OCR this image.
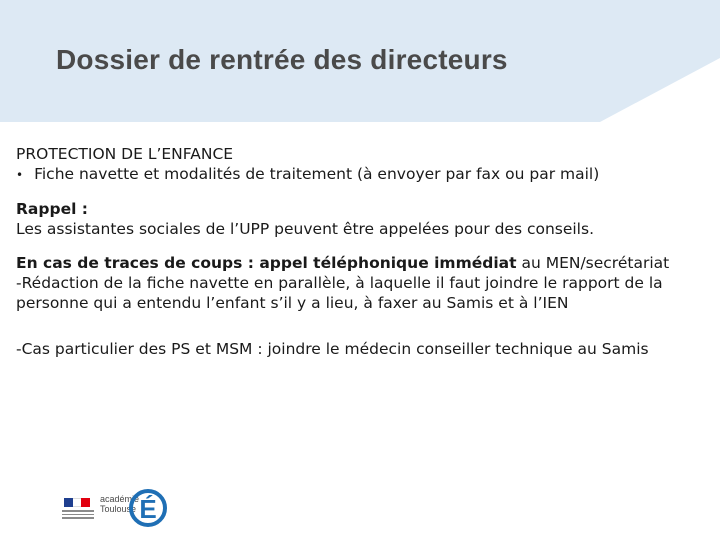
Dossier de rentrée des directeurs

PROTECTION DE L’ENFANCE

• Fiche navette et modalités de traitement (à envoyer par fax ou par mail)

Rappel :

Les assistantes sociales de l’UPP peuvent être appelées pour des conseils.

En cas de traces de coups : appel téléphonique immédiat au MEN/secrétariat

-Rédaction de la fiche navette en parallèle, à laquelle il faut joindre le rapport de la personne qui a entendu l’enfant s’il y a lieu, à faxer au Samis et à l’IEN

-Cas particulier des PS et MSM : joindre le médecin conseiller technique au Samis

académie
Toulouse É
